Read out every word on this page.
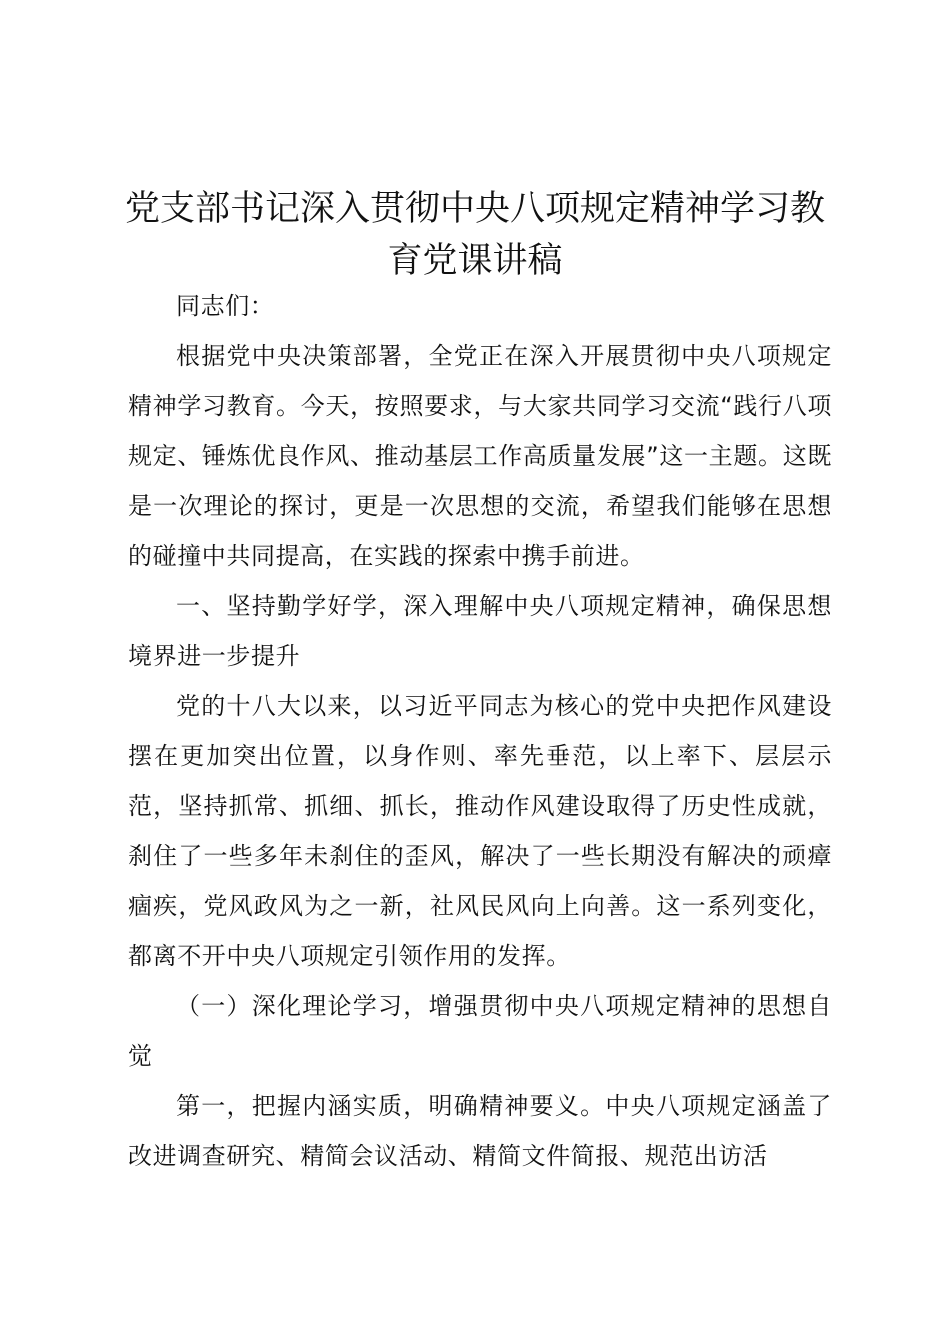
党支部书记深入贯彻中央八项规定精神学习教育党课讲稿

同志们：

根据党中央决策部署，全党正在深入开展贯彻中央八项规定精神学习教育。今天，按照要求，与大家共同学习交流“践行八项规定、锤炼优良作风、推动基层工作高质量发展”这一主题。这既是一次理论的探讨，更是一次思想的交流，希望我们能够在思想的碰撞中共同提高，在实践的探索中携手前进。

一、坚持勤学好学，深入理解中央八项规定精神，确保思想境界进一步提升

党的十八大以来，以习近平同志为核心的党中央把作风建设摆在更加突出位置，以身作则、率先垂范，以上率下、层层示范，坚持抓常、抓细、抓长，推动作风建设取得了历史性成就，刹住了一些多年未刹住的歪风，解决了一些长期没有解决的顽瘴痼疾，党风政风为之一新，社风民风向上向善。这一系列变化，都离不开中央八项规定引领作用的发挥。

（一）深化理论学习，增强贯彻中央八项规定精神的思想自觉

第一，把握内涵实质，明确精神要义。中央八项规定涵盖了改进调查研究、精简会议活动、精简文件简报、规范出访活
